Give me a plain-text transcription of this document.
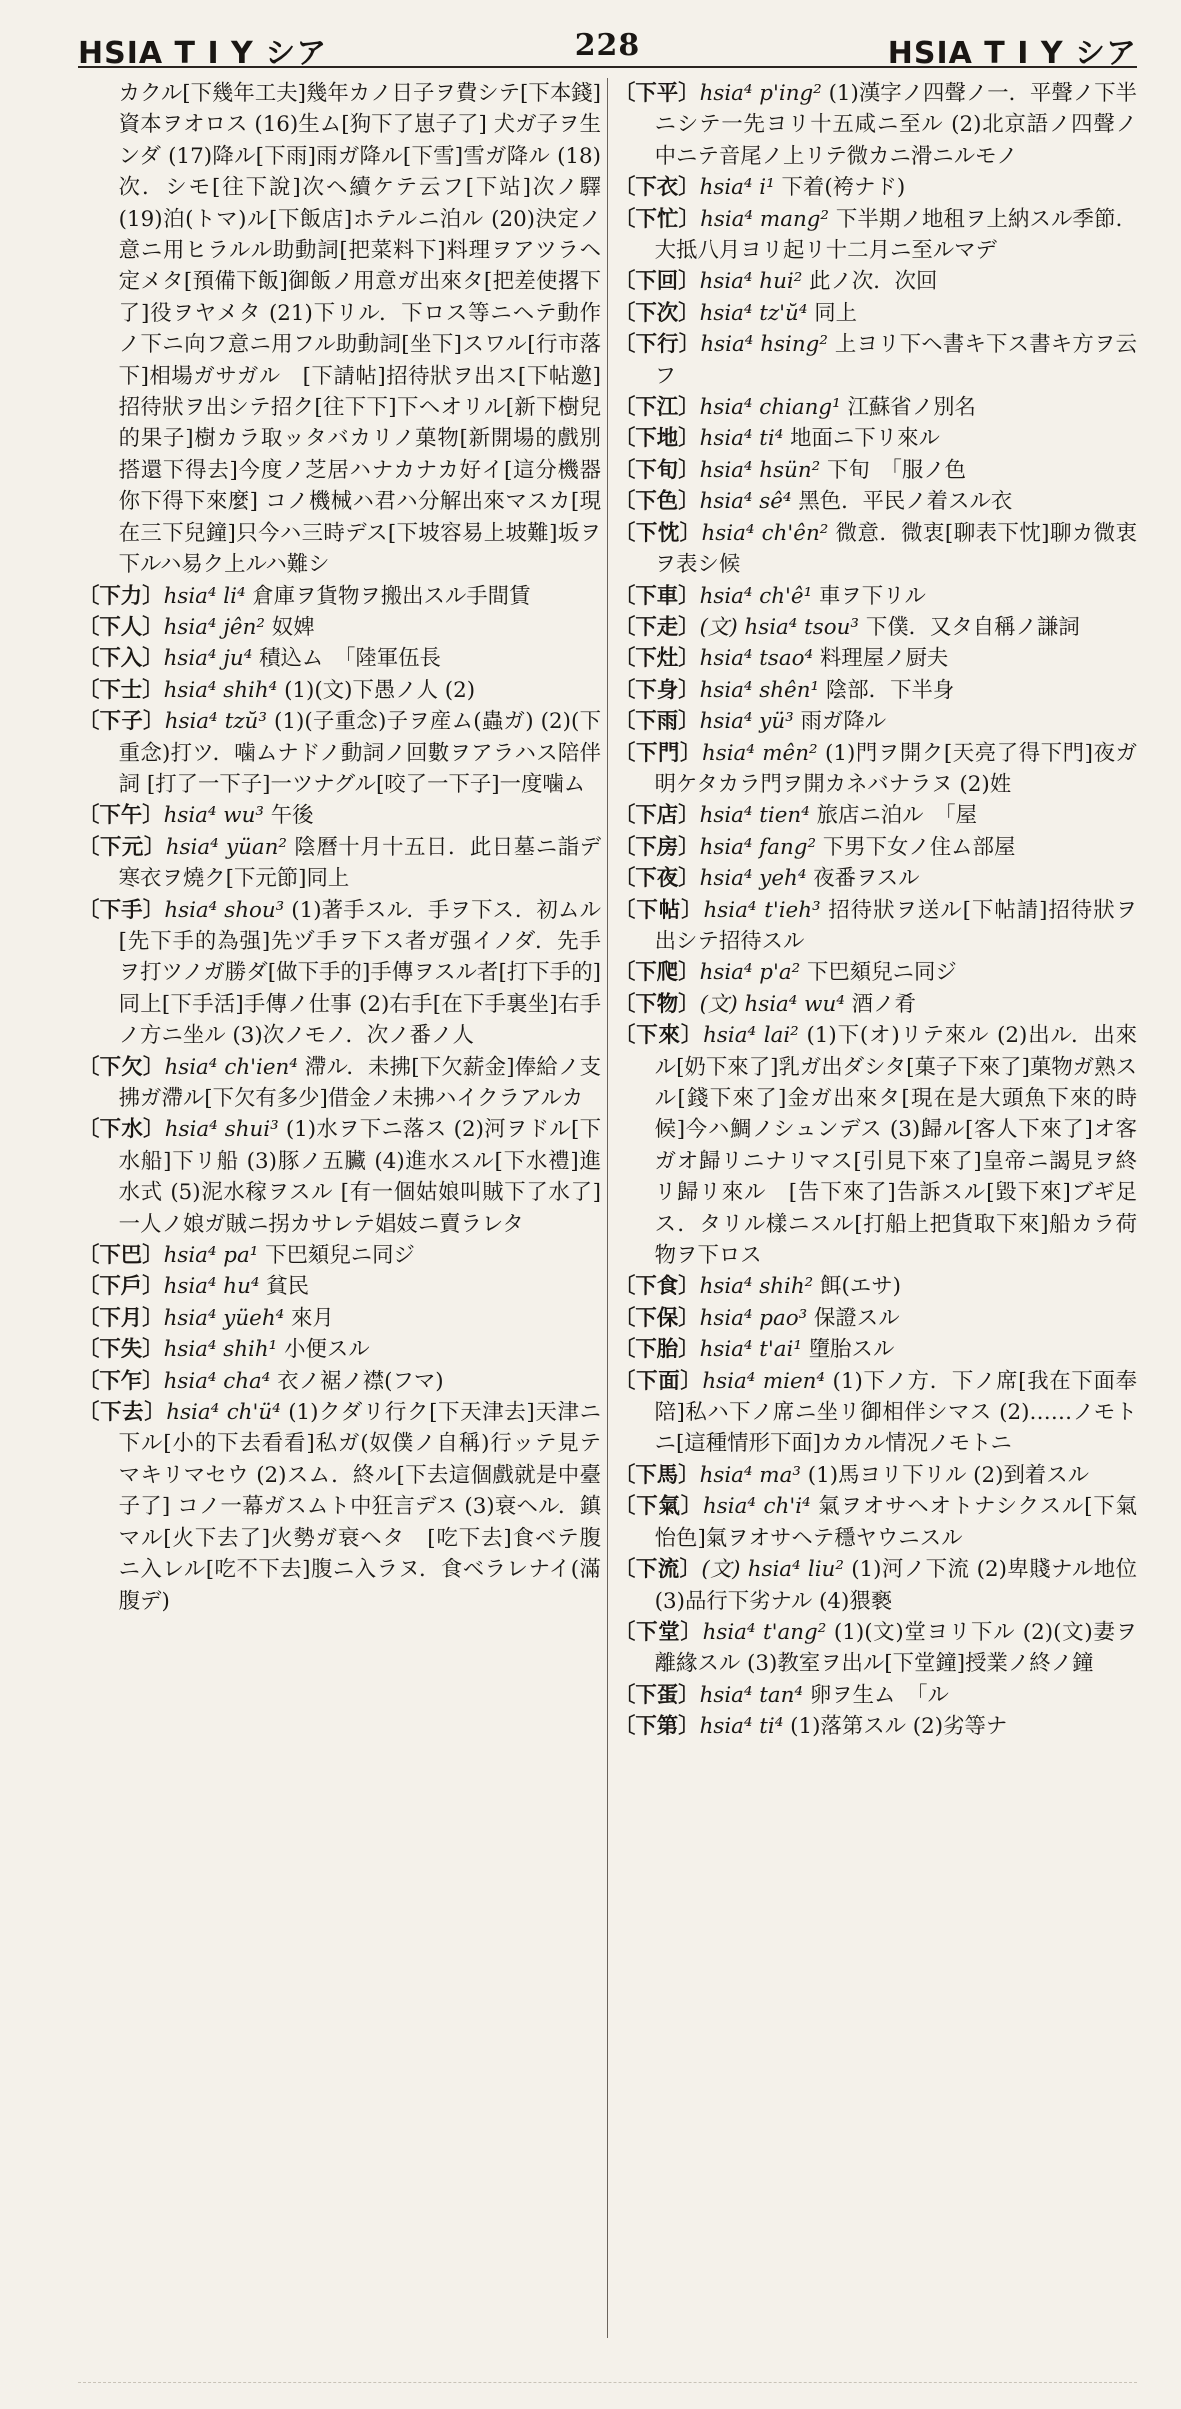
HSIA T Ⅰ Y シア	228	HSIA T Ⅰ Y シア

カクル[下幾年工夫]幾年カノ日子ヲ費シテ[下本錢]資本ヲオロス (16)生ム[狗下了崽子了] 犬ガ子ヲ生ンダ (17)降ル[下雨]雨ガ降ル[下雪]雪ガ降ル (18)次．シモ[往下說]次ヘ續ケテ云フ[下站]次ノ驛 (19)泊(トマ)ル[下飯店]ホテルニ泊ル (20)決定ノ意ニ用ヒラルル助動詞[把菜料下]料理ヲアツラヘ定メタ[預備下飯]御飯ノ用意ガ出來タ[把差使撂下了]役ヲヤメタ (21)下リル．下ロス等ニヘテ動作ノ下ニ向フ意ニ用フル助動詞[坐下]スワル[行市落下]相場ガサガル　[下請帖]招待狀ヲ出ス[下帖邀]招待狀ヲ出シテ招ク[往下下]下ヘオリル[新下樹兒的果子]樹カラ取ッタバカリノ菓物[新開場的戲別搭還下得去]今度ノ芝居ハナカナカ好イ[這分機器你下得下來麼] コノ機械ハ君ハ分解出來マスカ[現在三下兒鐘]只今ハ三時デス[下坡容易上坡難]坂ヲ下ルハ易ク上ルハ難シ

〔下力〕hsia⁴ li⁴ 倉庫ヲ貨物ヲ搬出スル手間賃

〔下人〕hsia⁴ jên² 奴婢

〔下入〕hsia⁴ ju⁴ 積込ム　「陸軍伍長

〔下士〕hsia⁴ shih⁴ (1)(文)下愚ノ人 (2)

〔下子〕hsia⁴ tzŭ³ (1)(子重念)子ヲ産ム(蟲ガ) (2)(下重念)打ツ．噛ムナドノ動詞ノ回數ヲアラハス陪伴詞 [打了一下子]一ツナグル[咬了一下子]一度噛ム

〔下午〕hsia⁴ wu³ 午後

〔下元〕hsia⁴ yüan² 陰曆十月十五日．此日墓ニ詣デ寒衣ヲ燒ク[下元節]同上

〔下手〕hsia⁴ shou³ (1)著手スル．手ヲ下ス．初ムル[先下手的為强]先ヅ手ヲ下ス者ガ强イノダ．先手ヲ打ツノガ勝ダ[做下手的]手傳ヲスル者[打下手的]同上[下手活]手傳ノ仕事 (2)右手[在下手裏坐]右手ノ方ニ坐ル (3)次ノモノ．次ノ番ノ人

〔下欠〕hsia⁴ ch'ien⁴ 滯ル．未拂[下欠薪金]俸給ノ支拂ガ滯ル[下欠有多少]借金ノ未拂ハイクラアルカ

〔下水〕hsia⁴ shui³ (1)水ヲ下ニ落ス (2)河ヲドル[下水船]下リ船 (3)豚ノ五臟 (4)進水スル[下水禮]進水式 (5)泥水稼ヲスル [有一個姑娘叫賊下了水了]一人ノ娘ガ賊ニ拐カサレテ娼妓ニ賣ラレタ

〔下巴〕hsia⁴ pa¹ 下巴頦兒ニ同ジ

〔下戶〕hsia⁴ hu⁴ 貧民

〔下月〕hsia⁴ yüeh⁴ 來月

〔下失〕hsia⁴ shih¹ 小便スル

〔下乍〕hsia⁴ cha⁴ 衣ノ裾ノ襟(フマ)

〔下去〕hsia⁴ ch'ü⁴ (1)クダリ行ク[下天津去]天津ニ下ル[小的下去看看]私ガ(奴僕ノ自稱)行ッテ見テマキリマセウ (2)スム．終ル[下去這個戲就是中臺子了] コノ一幕ガスムト中狂言デス (3)衰ヘル．鎮マル[火下去了]火勢ガ衰ヘタ　[吃下去]食ベテ腹ニ入レル[吃不下去]腹ニ入ラヌ．食ベラレナイ(滿腹デ)

〔下平〕hsia⁴ p'ing² (1)漢字ノ四聲ノ一．平聲ノ下半ニシテ一先ヨリ十五咸ニ至ル (2)北京語ノ四聲ノ中ニテ音尾ノ上リテ微カニ滑ニルモノ

〔下衣〕hsia⁴ i¹ 下着(袴ナド)

〔下忙〕hsia⁴ mang² 下半期ノ地租ヲ上納スル季節．大抵八月ヨリ起リ十二月ニ至ルマデ

〔下回〕hsia⁴ hui² 此ノ次．次回

〔下次〕hsia⁴ tz'ŭ⁴ 同上

〔下行〕hsia⁴ hsing² 上ヨリ下ヘ書キ下ス書キ方ヲ云フ

〔下江〕hsia⁴ chiang¹ 江蘇省ノ別名

〔下地〕hsia⁴ ti⁴ 地面ニ下リ來ル

〔下旬〕hsia⁴ hsün² 下旬　「服ノ色

〔下色〕hsia⁴ sê⁴ 黑色．平民ノ着スル衣

〔下忱〕hsia⁴ ch'ên² 微意．微衷[聊表下忱]聊カ微衷ヲ表シ候

〔下車〕hsia⁴ ch'ê¹ 車ヲ下リル

〔下走〕(文) hsia⁴ tsou³ 下僕．又タ自稱ノ謙詞

〔下灶〕hsia⁴ tsao⁴ 料理屋ノ厨夫

〔下身〕hsia⁴ shên¹ 陰部．下半身

〔下雨〕hsia⁴ yü³ 雨ガ降ル

〔下門〕hsia⁴ mên² (1)門ヲ開ク[天亮了得下門]夜ガ明ケタカラ門ヲ開カネバナラヌ (2)姓

〔下店〕hsia⁴ tien⁴ 旅店ニ泊ル　「屋

〔下房〕hsia⁴ fang² 下男下女ノ住ム部屋

〔下夜〕hsia⁴ yeh⁴ 夜番ヲスル

〔下帖〕hsia⁴ t'ieh³ 招待狀ヲ送ル[下帖請]招待狀ヲ出シテ招待スル

〔下爬〕hsia⁴ p'a² 下巴頦兒ニ同ジ

〔下物〕(文) hsia⁴ wu⁴ 酒ノ肴

〔下來〕hsia⁴ lai² (1)下(オ)リテ來ル (2)出ル．出來ル[奶下來了]乳ガ出ダシタ[菓子下來了]菓物ガ熟スル[錢下來了]金ガ出來タ[現在是大頭魚下來的時候]今ハ鯛ノシュンデス (3)歸ル[客人下來了]オ客ガオ歸リニナリマス[引見下來了]皇帝ニ謁見ヲ終リ歸リ來ル　[告下來了]告訴スル[毀下來]ブギ足ス．タリル樣ニスル[打船上把貨取下來]船カラ荷物ヲ下ロス

〔下食〕hsia⁴ shih² 餌(エサ)

〔下保〕hsia⁴ pao³ 保證スル

〔下胎〕hsia⁴ t'ai¹ 墮胎スル

〔下面〕hsia⁴ mien⁴ (1)下ノ方．下ノ席[我在下面奉陪]私ハ下ノ席ニ坐リ御相伴シマス (2)……ノモトニ[這種情形下面]カカル情况ノモトニ

〔下馬〕hsia⁴ ma³ (1)馬ヨリ下リル (2)到着スル

〔下氣〕hsia⁴ ch'i⁴ 氣ヲオサヘオトナシクスル[下氣怡色]氣ヲオサヘテ穩ヤウニスル

〔下流〕(文) hsia⁴ liu² (1)河ノ下流 (2)卑賤ナル地位 (3)品行下劣ナル (4)猥褻

〔下堂〕hsia⁴ t'ang² (1)(文)堂ヨリ下ル (2)(文)妻ヲ離緣スル (3)教室ヲ出ル[下堂鐘]授業ノ終ノ鐘

〔下蛋〕hsia⁴ tan⁴ 卵ヲ生ム　「ル

〔下第〕hsia⁴ ti⁴ (1)落第スル (2)劣等ナ
